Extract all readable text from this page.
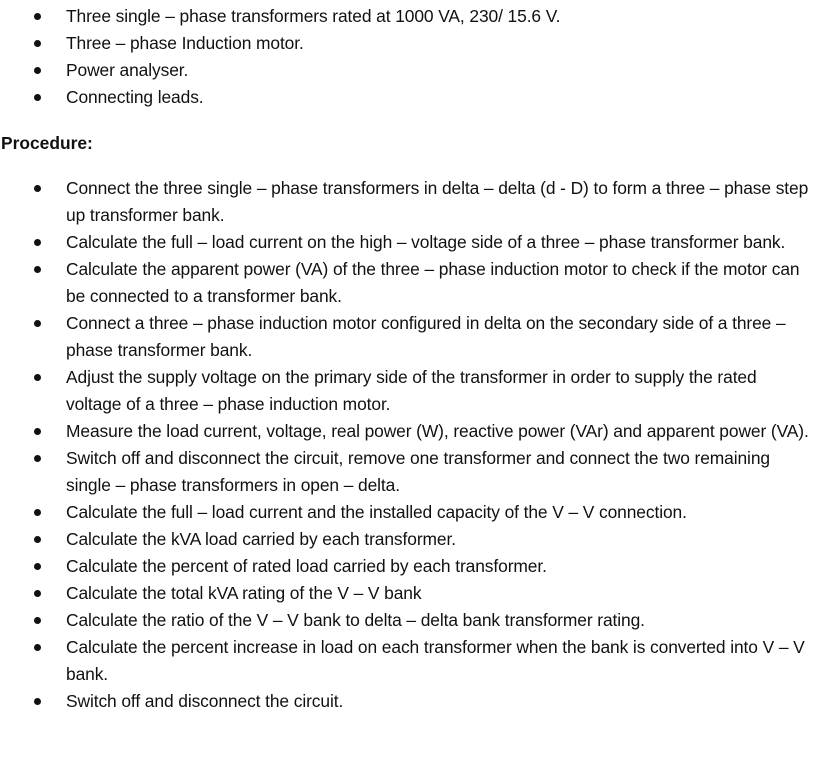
Three single – phase transformers rated at 1000 VA, 230/ 15.6 V.
Three – phase Induction motor.
Power analyser.
Connecting leads.
Procedure:
Connect the three single – phase transformers in delta – delta (d - D) to form a three – phase step up transformer bank.
Calculate the full – load current on the high – voltage side of a three – phase transformer bank.
Calculate the apparent power (VA) of the three – phase induction motor to check if the motor can be connected to a transformer bank.
Connect a three – phase induction motor configured in delta on the secondary side of a three – phase transformer bank.
Adjust the supply voltage on the primary side of the transformer in order to supply the rated voltage of a three – phase induction motor.
Measure the load current, voltage, real power (W), reactive power (VAr) and apparent power (VA).
Switch off and disconnect the circuit, remove one transformer and connect the two remaining single – phase transformers in open – delta.
Calculate the full – load current and the installed capacity of the V – V connection.
Calculate the kVA load carried by each transformer.
Calculate the percent of rated load carried by each transformer.
Calculate the total kVA rating of the V – V bank
Calculate the ratio of the V – V bank to delta – delta bank transformer rating.
Calculate the percent increase in load on each transformer when the bank is converted into V – V bank.
Switch off and disconnect the circuit.
